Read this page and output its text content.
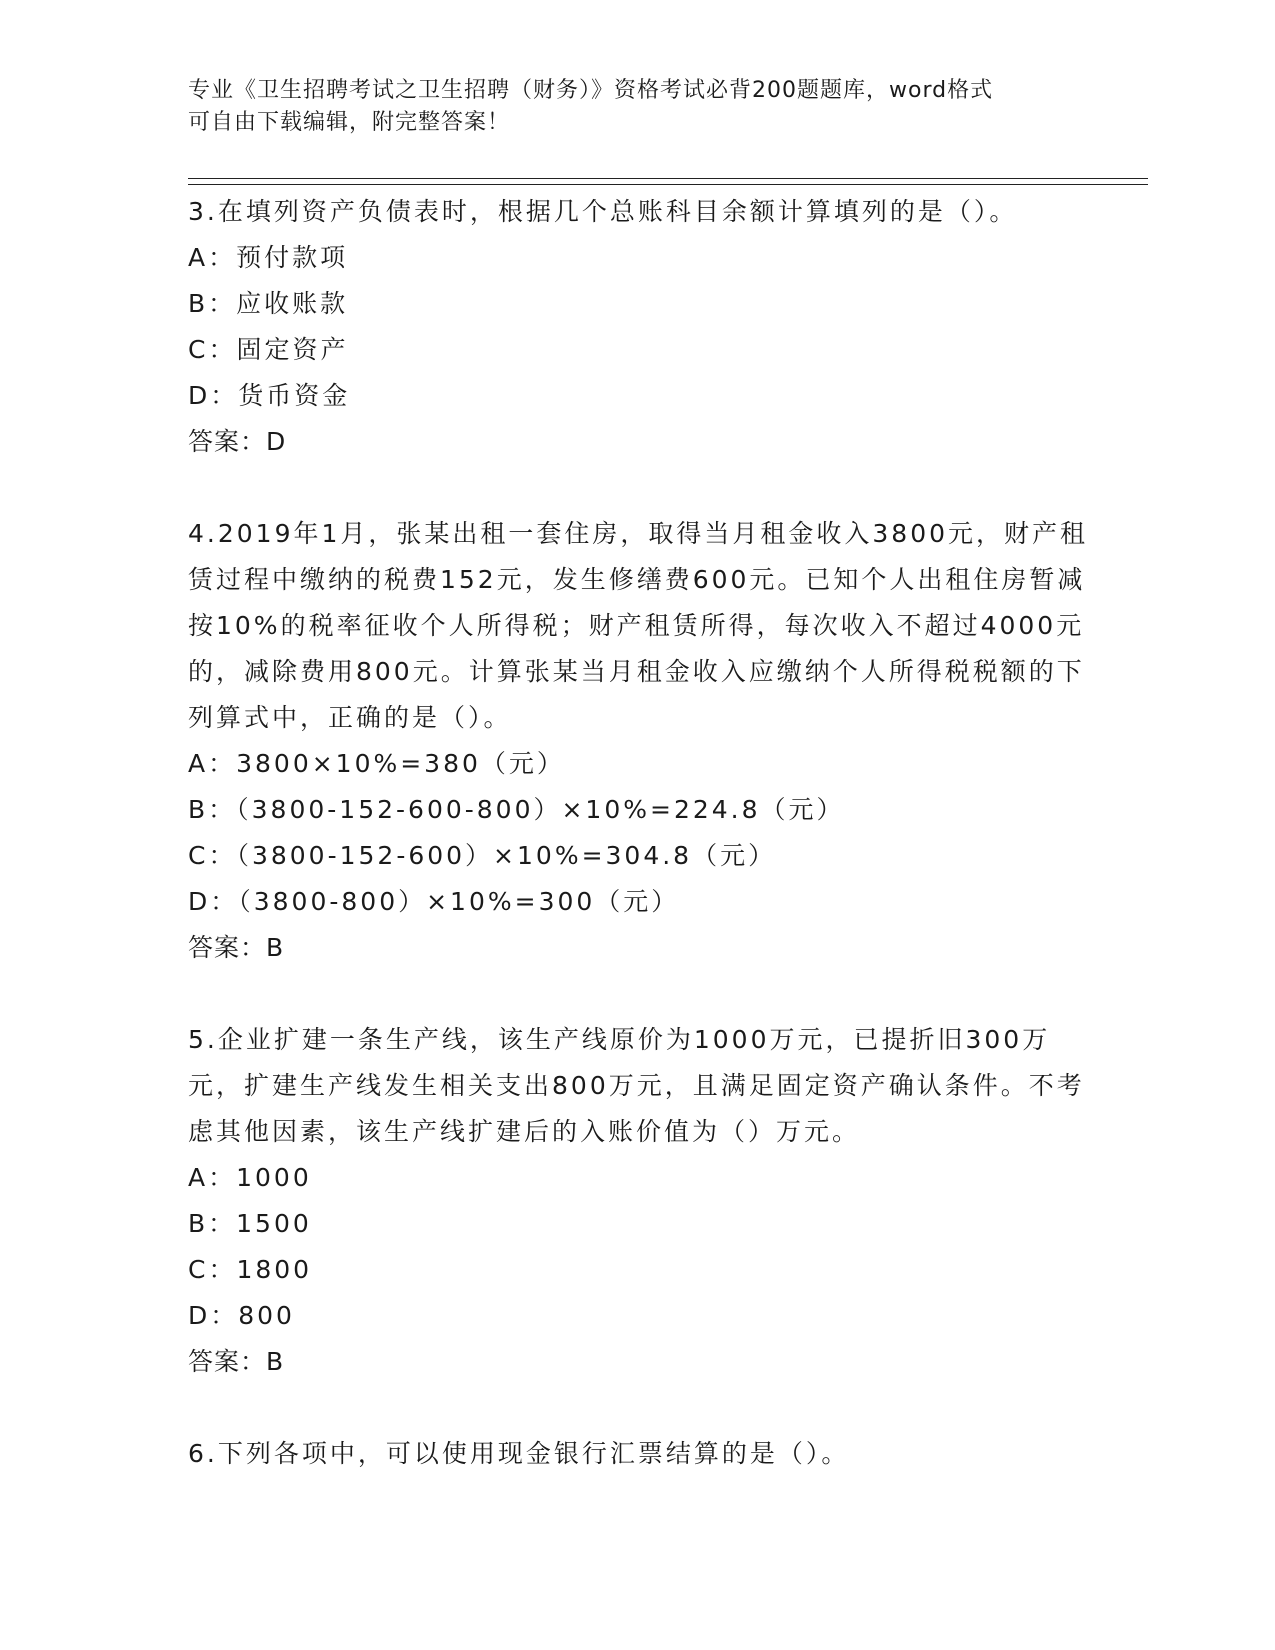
专业《卫生招聘考试之卫生招聘（财务）》资格考试必背200题题库，word格式
可自由下载编辑，附完整答案！
3.在填列资产负债表时，根据几个总账科目余额计算填列的是（）。
A：预付款项
B：应收账款
C：固定资产
D：货币资金
答案：D
4.2019年1月，张某出租一套住房，取得当月租金收入3800元，财产租赁过程中缴纳的税费152元，发生修缮费600元。已知个人出租住房暂减按10%的税率征收个人所得税；财产租赁所得，每次收入不超过4000元的，减除费用800元。计算张某当月租金收入应缴纳个人所得税税额的下列算式中，正确的是（）。
A：3800×10%=380（元）
B：（3800-152-600-800）×10%=224.8（元）
C：（3800-152-600）×10%=304.8（元）
D：（3800-800）×10%=300（元）
答案：B
5.企业扩建一条生产线，该生产线原价为1000万元，已提折旧300万元，扩建生产线发生相关支出800万元，且满足固定资产确认条件。不考虑其他因素，该生产线扩建后的入账价值为（）万元。
A：1000
B：1500
C：1800
D：800
答案：B
6.下列各项中，可以使用现金银行汇票结算的是（）。
